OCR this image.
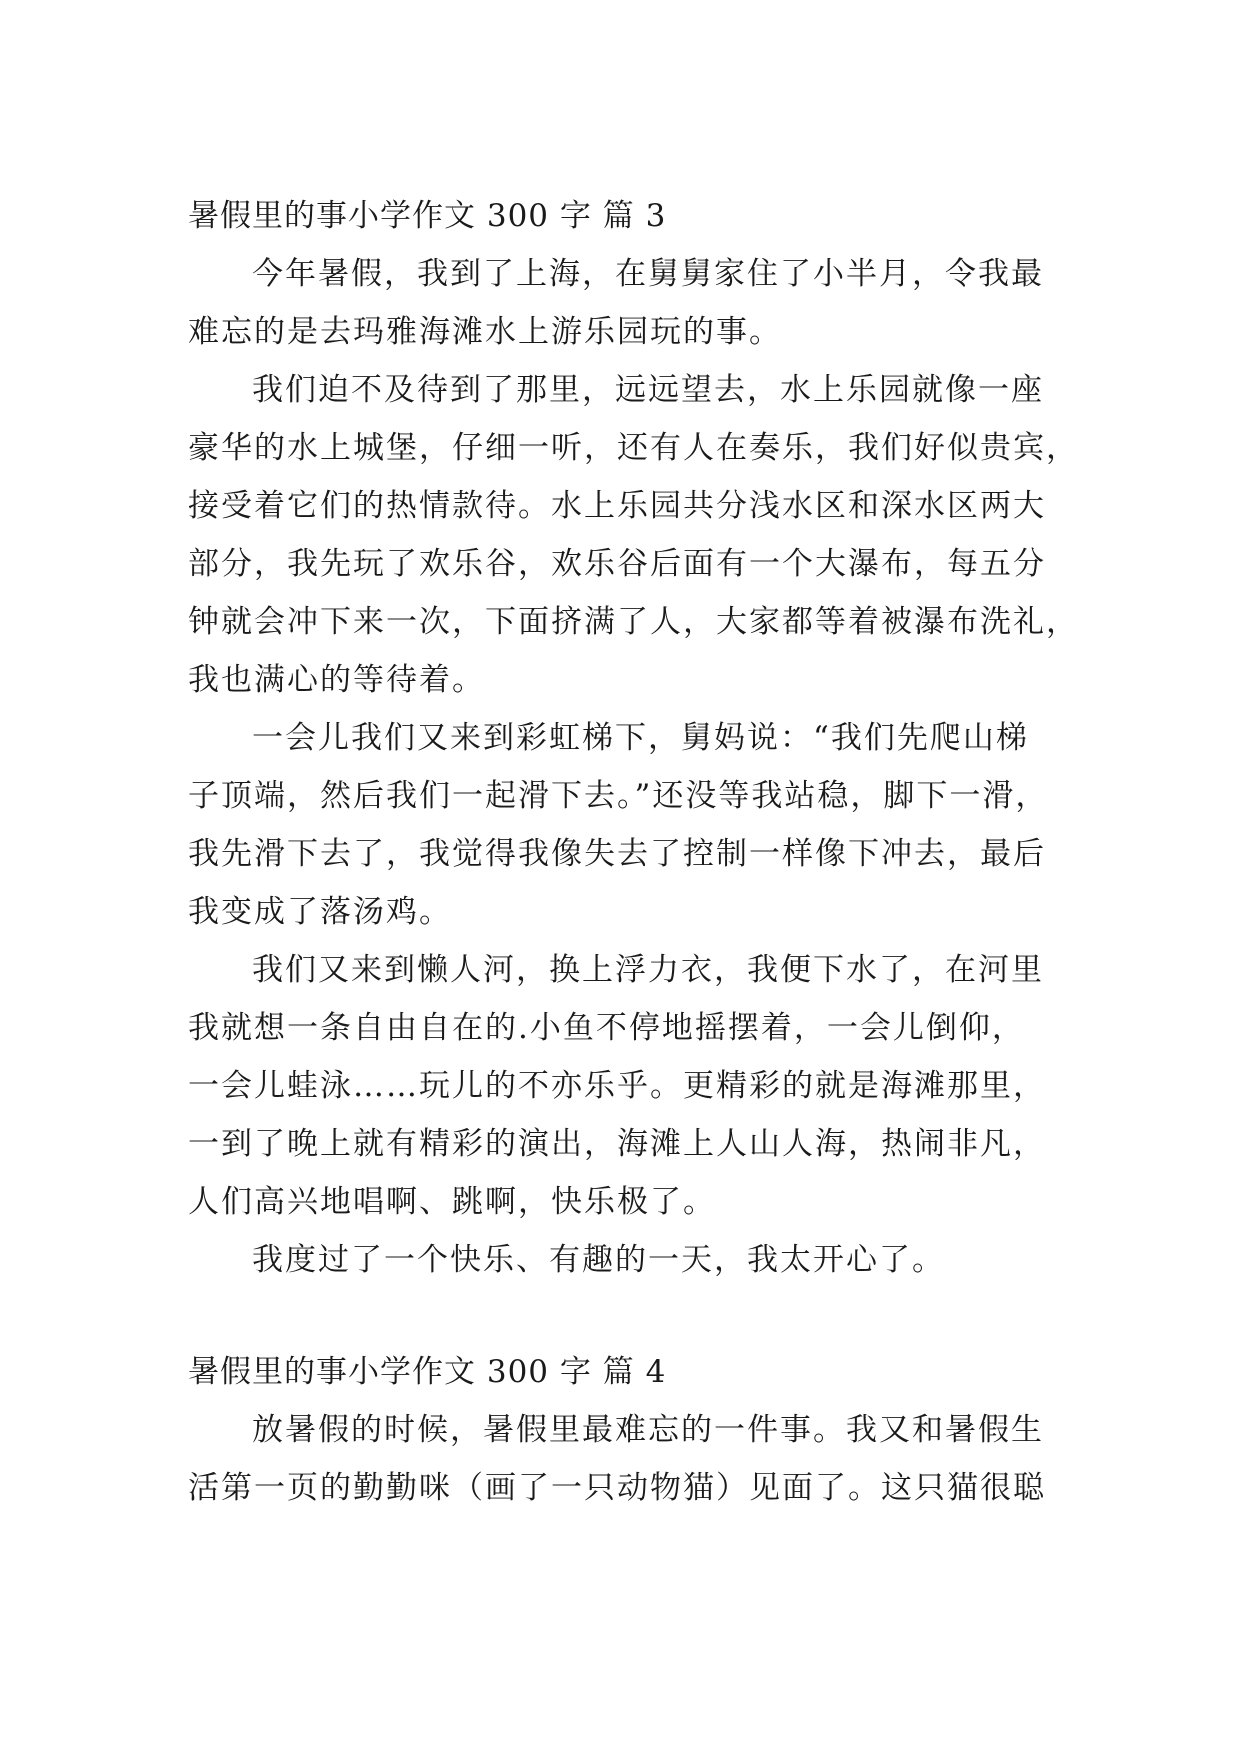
暑假里的事小学作文 300 字 篇 3
今年暑假，我到了上海，在舅舅家住了小半月，令我最
难忘的是去玛雅海滩水上游乐园玩的事。
我们迫不及待到了那里，远远望去，水上乐园就像一座
豪华的水上城堡，仔细一听，还有人在奏乐，我们好似贵宾，
接受着它们的热情款待。水上乐园共分浅水区和深水区两大
部分，我先玩了欢乐谷，欢乐谷后面有一个大瀑布，每五分
钟就会冲下来一次，下面挤满了人，大家都等着被瀑布洗礼，
我也满心的等待着。
一会儿我们又来到彩虹梯下，舅妈说：“我们先爬山梯
子顶端，然后我们一起滑下去。”还没等我站稳，脚下一滑，
我先滑下去了，我觉得我像失去了控制一样像下冲去，最后
我变成了落汤鸡。
我们又来到懒人河，换上浮力衣，我便下水了，在河里
我就想一条自由自在的.小鱼不停地摇摆着，一会儿倒仰，
一会儿蛙泳……玩儿的不亦乐乎。更精彩的就是海滩那里，
一到了晚上就有精彩的演出，海滩上人山人海，热闹非凡，
人们高兴地唱啊、跳啊，快乐极了。
我度过了一个快乐、有趣的一天，我太开心了。
暑假里的事小学作文 300 字 篇 4
放暑假的时候，暑假里最难忘的一件事。我又和暑假生
活第一页的勤勤咪（画了一只动物猫）见面了。这只猫很聪
